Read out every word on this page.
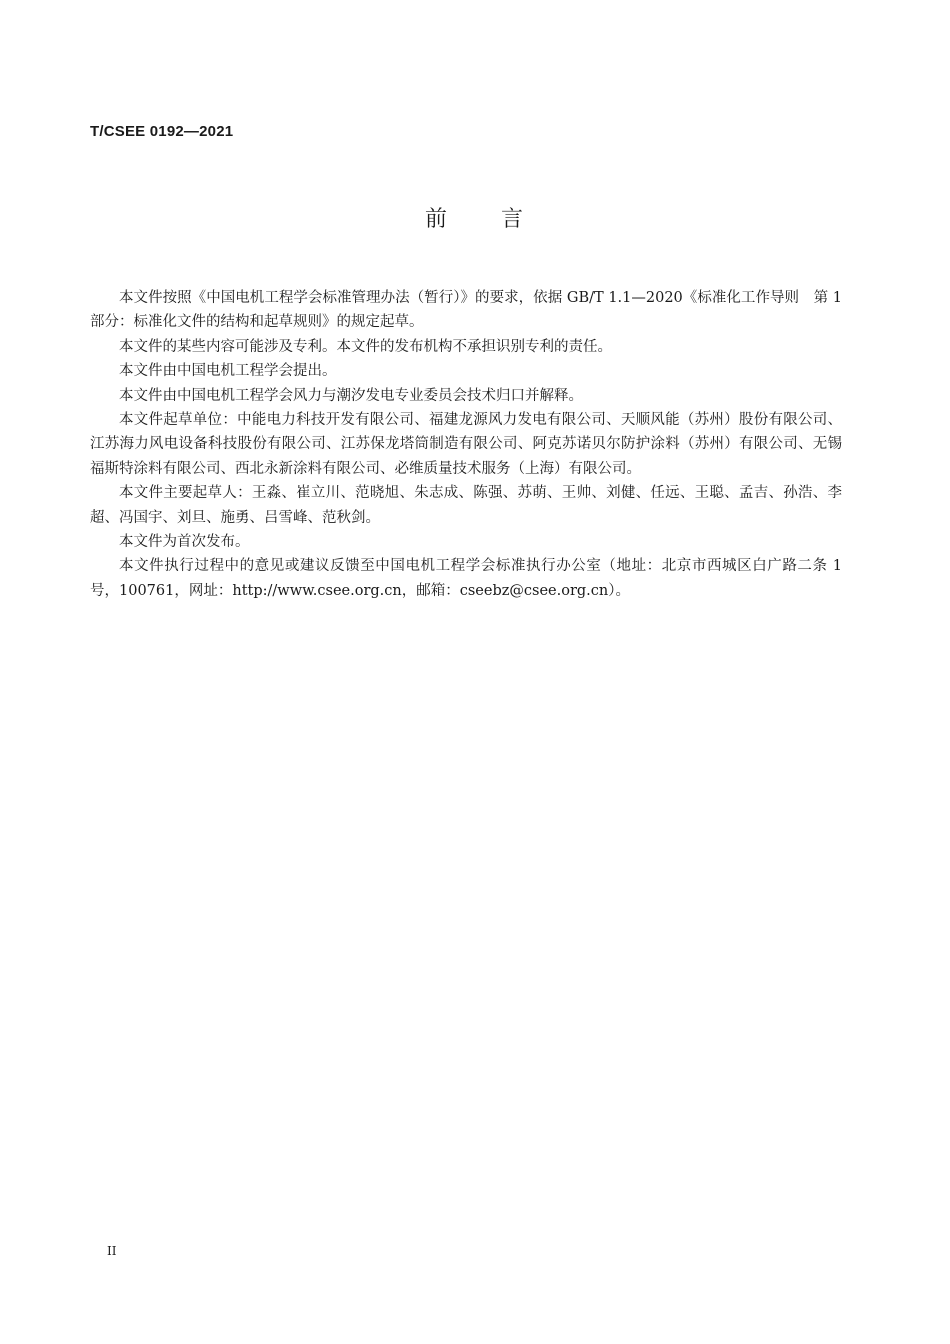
T/CSEE 0192—2021
前 言

本文件按照《中国电机工程学会标准管理办法（暂行）》的要求，依据 GB/T 1.1—2020《标准化工作导则　第 1 部分：标准化文件的结构和起草规则》的规定起草。

本文件的某些内容可能涉及专利。本文件的发布机构不承担识别专利的责任。

本文件由中国电机工程学会提出。

本文件由中国电机工程学会风力与潮汐发电专业委员会技术归口并解释。

本文件起草单位：中能电力科技开发有限公司、福建龙源风力发电有限公司、天顺风能（苏州）股份有限公司、江苏海力风电设备科技股份有限公司、江苏保龙塔筒制造有限公司、阿克苏诺贝尔防护涂料（苏州）有限公司、无锡福斯特涂料有限公司、西北永新涂料有限公司、必维质量技术服务（上海）有限公司。

本文件主要起草人：王淼、崔立川、范晓旭、朱志成、陈强、苏萌、王帅、刘健、任远、王聪、孟吉、孙浩、李超、冯国宇、刘旦、施勇、吕雪峰、范秋剑。

本文件为首次发布。

本文件执行过程中的意见或建议反馈至中国电机工程学会标准执行办公室（地址：北京市西城区白广路二条 1 号，100761，网址：http://www.csee.org.cn，邮箱：cseebz@csee.org.cn）。

II
